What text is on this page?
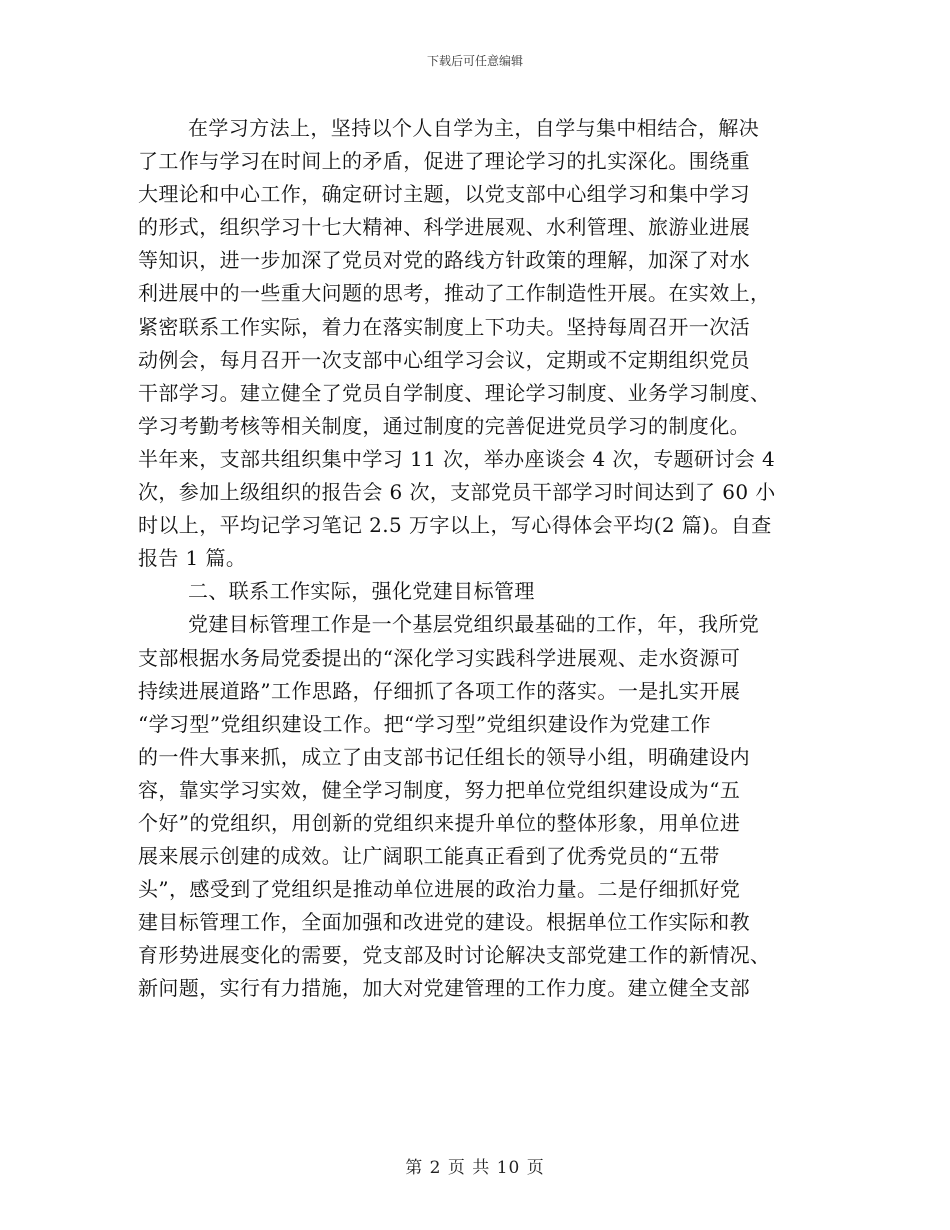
下载后可任意编辑
在学习方法上，坚持以个人自学为主，自学与集中相结合，解决
了工作与学习在时间上的矛盾，促进了理论学习的扎实深化。围绕重
大理论和中心工作，确定研讨主题，以党支部中心组学习和集中学习
的形式，组织学习十七大精神、科学进展观、水利管理、旅游业进展
等知识，进一步加深了党员对党的路线方针政策的理解，加深了对水
利进展中的一些重大问题的思考，推动了工作制造性开展。在实效上，
紧密联系工作实际，着力在落实制度上下功夫。坚持每周召开一次活
动例会，每月召开一次支部中心组学习会议，定期或不定期组织党员
干部学习。建立健全了党员自学制度、理论学习制度、业务学习制度、
学习考勤考核等相关制度，通过制度的完善促进党员学习的制度化。
半年来，支部共组织集中学习 11 次，举办座谈会 4 次，专题研讨会 4
次，参加上级组织的报告会 6 次，支部党员干部学习时间达到了 60 小
时以上，平均记学习笔记 2.5 万字以上，写心得体会平均(2 篇)。自查
报告 1 篇。
二、联系工作实际，强化党建目标管理
党建目标管理工作是一个基层党组织最基础的工作，年，我所党
支部根据水务局党委提出的“深化学习实践科学进展观、走水资源可
持续进展道路”工作思路，仔细抓了各项工作的落实。一是扎实开展
“学习型”党组织建设工作。把“学习型”党组织建设作为党建工作
的一件大事来抓，成立了由支部书记任组长的领导小组，明确建设内
容，靠实学习实效，健全学习制度，努力把单位党组织建设成为“五
个好”的党组织，用创新的党组织来提升单位的整体形象，用单位进
展来展示创建的成效。让广阔职工能真正看到了优秀党员的“五带
头”，感受到了党组织是推动单位进展的政治力量。二是仔细抓好党
建目标管理工作，全面加强和改进党的建设。根据单位工作实际和教
育形势进展变化的需要，党支部及时讨论解决支部党建工作的新情况、
新问题，实行有力措施，加大对党建管理的工作力度。建立健全支部
第 2 页 共 10 页
